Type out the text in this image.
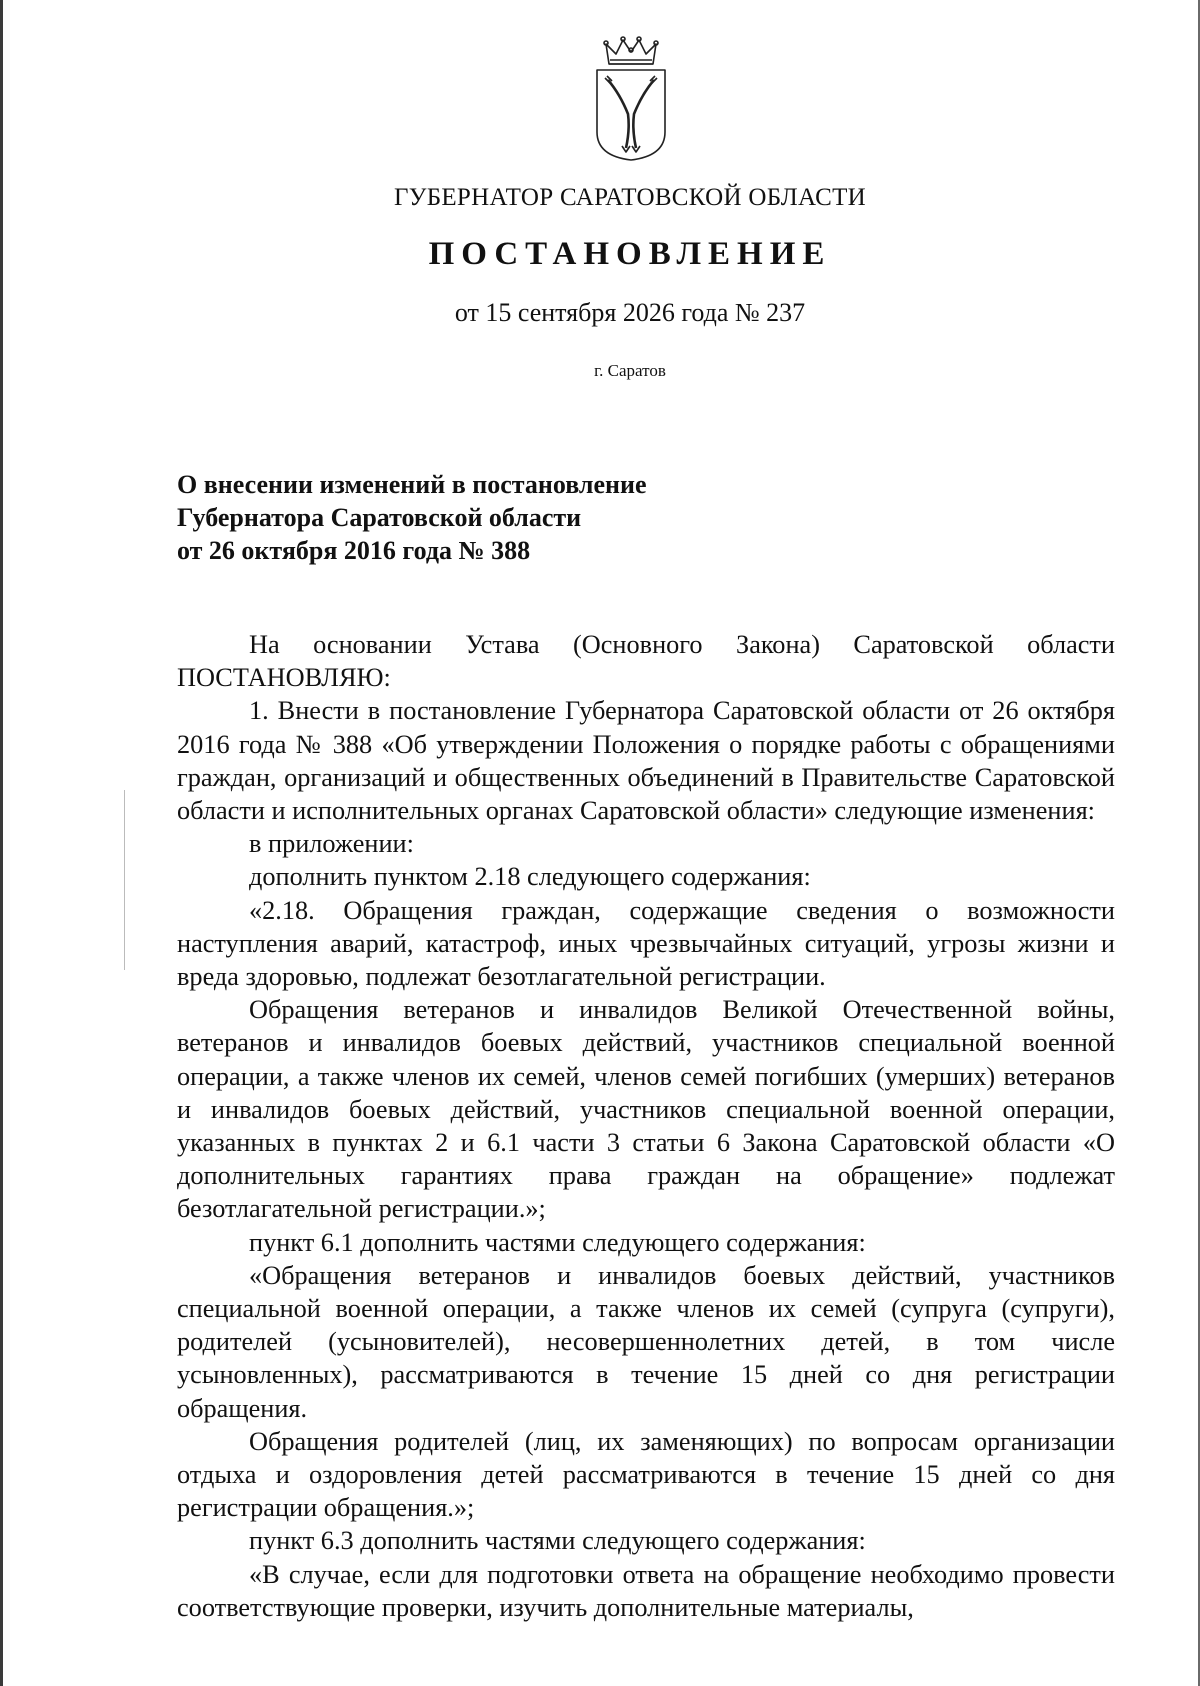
ГУБЕРНАТОР САРАТОВСКОЙ ОБЛАСТИ
ПОСТАНОВЛЕНИЕ
от 15 сентября 2026 года № 237
г. Саратов
О внесении изменений в постановление
Губернатора Саратовской области
от 26 октября 2016 года № 388

На основании Устава (Основного Закона) Саратовской области ПОСТАНОВЛЯЮ:

1. Внести в постановление Губернатора Саратовской области от 26 октября 2016 года № 388 «Об утверждении Положения о порядке работы с обращениями граждан, организаций и общественных объединений в Правительстве Саратовской области и исполнительных органах Саратовской области» следующие изменения:

в приложении:

дополнить пунктом 2.18 следующего содержания:

«2.18. Обращения граждан, содержащие сведения о возможности наступления аварий, катастроф, иных чрезвычайных ситуаций, угрозы жизни и вреда здоровью, подлежат безотлагательной регистрации.

Обращения ветеранов и инвалидов Великой Отечественной войны, ветеранов и инвалидов боевых действий, участников специальной военной операции, а также членов их семей, членов семей погибших (умерших) ветеранов и инвалидов боевых действий, участников специальной военной операции, указанных в пунктах 2 и 6.1 части 3 статьи 6 Закона Саратовской области «О дополнительных гарантиях права граждан на обращение» подлежат безотлагательной регистрации.»;

пункт 6.1 дополнить частями следующего содержания:

«Обращения ветеранов и инвалидов боевых действий, участников специальной военной операции, а также членов их семей (супруга (супруги), родителей (усыновителей), несовершеннолетних детей, в том числе усыновленных), рассматриваются в течение 15 дней со дня регистрации обращения.

Обращения родителей (лиц, их заменяющих) по вопросам организации отдыха и оздоровления детей рассматриваются в течение 15 дней со дня регистрации обращения.»;

пункт 6.3 дополнить частями следующего содержания:

«В случае, если для подготовки ответа на обращение необходимо провести соответствующие проверки, изучить дополнительные материалы,
